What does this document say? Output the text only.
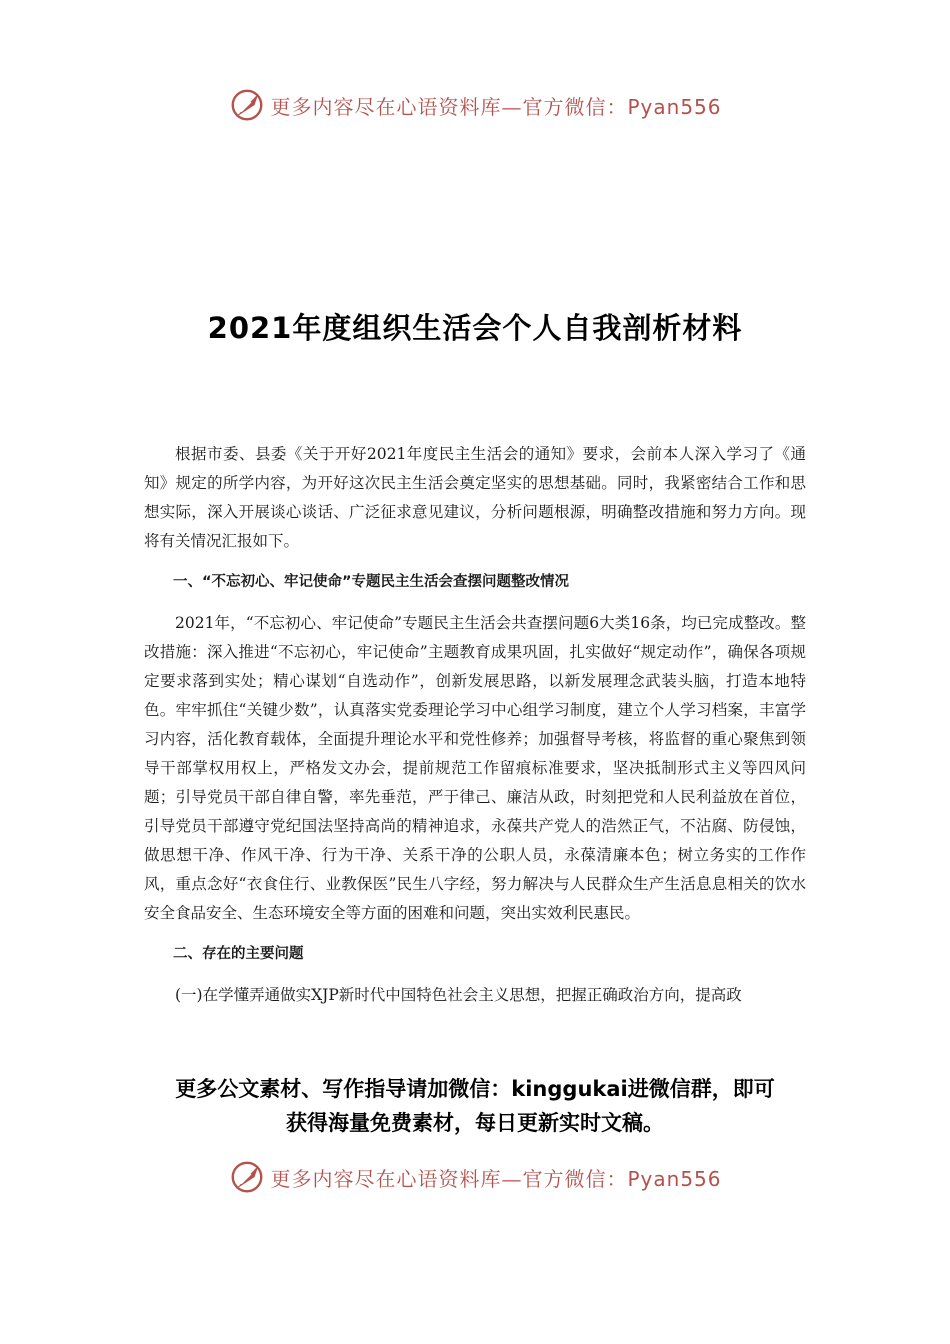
更多内容尽在心语资料库—官方微信：Pyan556
2021年度组织生活会个人自我剖析材料

根据市委、县委《关于开好2021年度民主生活会的通知》要求，会前本人深入学习了《通知》规定的所学内容，为开好这次民主生活会奠定坚实的思想基础。同时，我紧密结合工作和思想实际，深入开展谈心谈话、广泛征求意见建议，分析问题根源，明确整改措施和努力方向。现将有关情况汇报如下。

一、“不忘初心、牢记使命”专题民主生活会查摆问题整改情况

2021年，“不忘初心、牢记使命”专题民主生活会共查摆问题6大类16条，均已完成整改。整改措施：深入推进“不忘初心，牢记使命”主题教育成果巩固，扎实做好“规定动作”，确保各项规定要求落到实处；精心谋划“自选动作”，创新发展思路，以新发展理念武装头脑，打造本地特色。牢牢抓住“关键少数”，认真落实党委理论学习中心组学习制度，建立个人学习档案，丰富学习内容，活化教育载体，全面提升理论水平和党性修养；加强督导考核，将监督的重心聚焦到领导干部掌权用权上，严格发文办会，提前规范工作留痕标准要求，坚决抵制形式主义等四风问题；引导党员干部自律自警，率先垂范，严于律己、廉洁从政，时刻把党和人民利益放在首位，引导党员干部遵守党纪国法坚持高尚的精神追求，永葆共产党人的浩然正气，不沾腐、防侵蚀，做思想干净、作风干净、行为干净、关系干净的公职人员，永葆清廉本色；树立务实的工作作风，重点念好“衣食住行、业教保医”民生八字经，努力解决与人民群众生产生活息息相关的饮水安全食品安全、生态环境安全等方面的困难和问题，突出实效利民惠民。

二、存在的主要问题

(一)在学懂弄通做实XJP新时代中国特色社会主义思想，把握正确政治方向，提高政

更多公文素材、写作指导请加微信：kinggukai进微信群，即可
获得海量免费素材，每日更新实时文稿。
更多内容尽在心语资料库—官方微信：Pyan556
